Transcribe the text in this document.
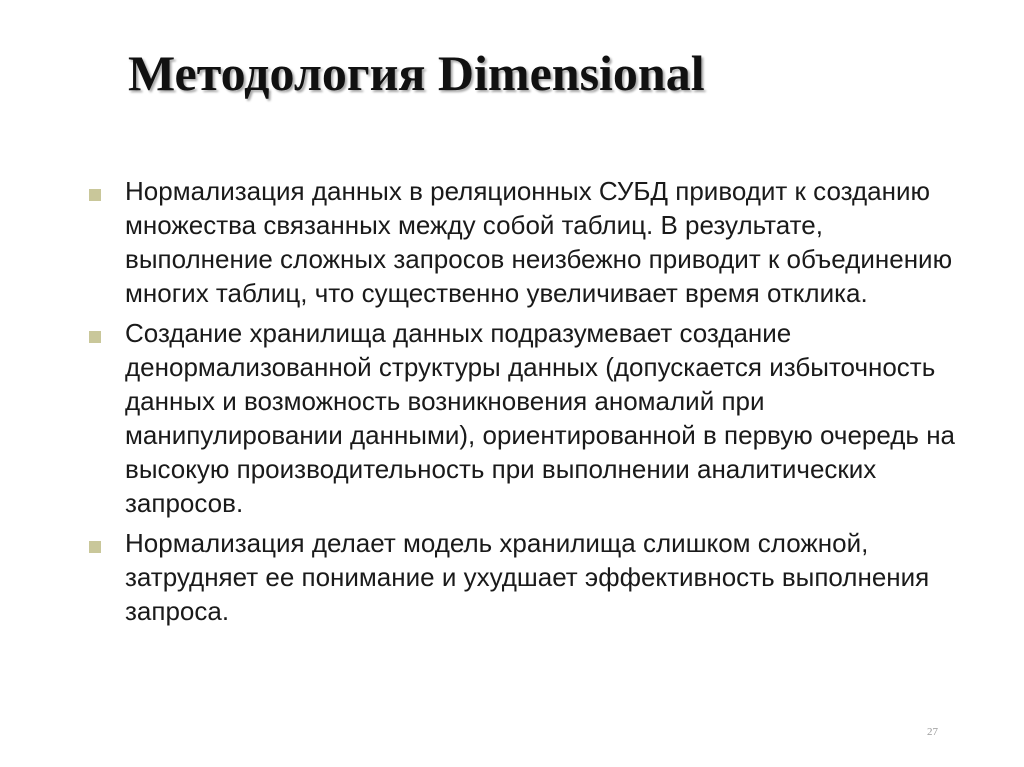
Методология Dimensional
Нормализация данных в реляционных СУБД приводит к созданию множества связанных между собой таблиц. В результате, выполнение сложных запросов неизбежно приводит к объединению многих таблиц, что существенно увеличивает время отклика.
Создание хранилища данных подразумевает создание денормализованной структуры данных (допускается избыточность данных и возможность возникновения аномалий при манипулировании данными), ориентированной в первую очередь на высокую производительность при выполнении аналитических запросов.
Нормализация делает модель хранилища слишком сложной, затрудняет ее понимание и ухудшает эффективность выполнения запроса.
27
